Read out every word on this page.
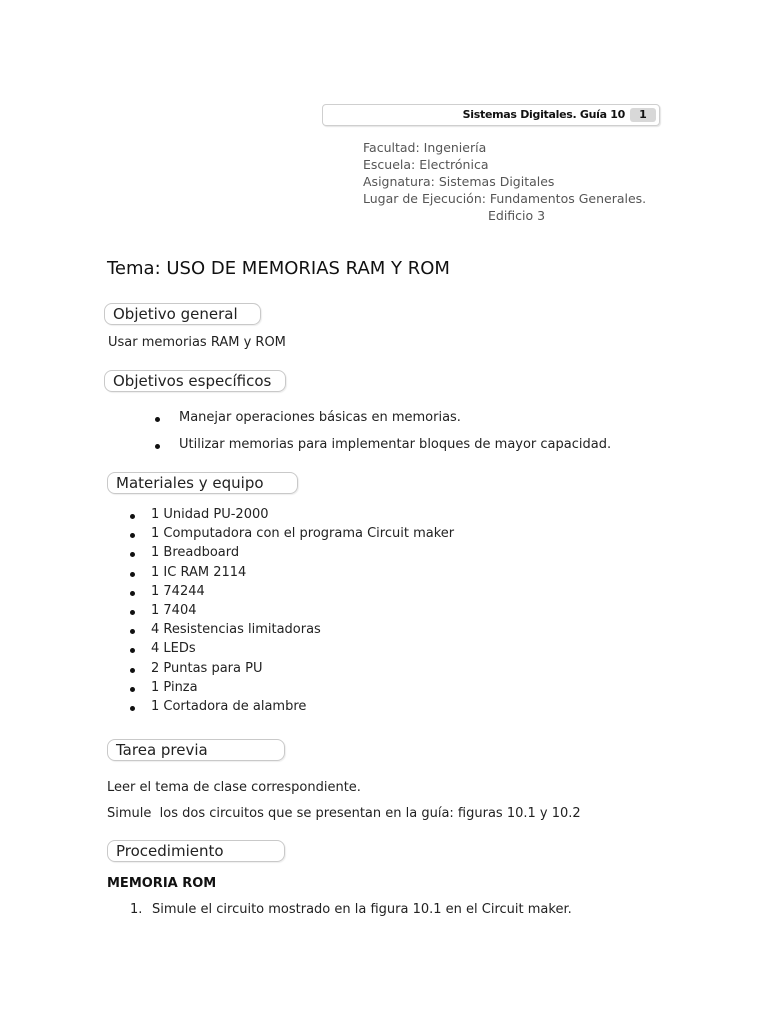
Sistemas Digitales. Guía 10	1
Facultad: Ingeniería
Escuela: Electrónica
Asignatura: Sistemas Digitales
Lugar de Ejecución: Fundamentos Generales.
Edificio 3
Tema: USO DE MEMORIAS RAM Y ROM
Objetivo general
Usar memorias RAM y ROM
Objetivos específicos
Manejar operaciones básicas en memorias.
Utilizar memorias para implementar bloques de mayor capacidad.
Materiales y equipo
1 Unidad PU-2000
1 Computadora con el programa Circuit maker
1 Breadboard
1 IC RAM 2114
1 74244
1 7404
4 Resistencias limitadoras
4 LEDs
2 Puntas para PU
1 Pinza
1 Cortadora de alambre
Tarea previa
Leer el tema de clase correspondiente.
Simule  los dos circuitos que se presentan en la guía: figuras 10.1 y 10.2
Procedimiento
MEMORIA ROM
1. Simule el circuito mostrado en la figura 10.1 en el Circuit maker.
